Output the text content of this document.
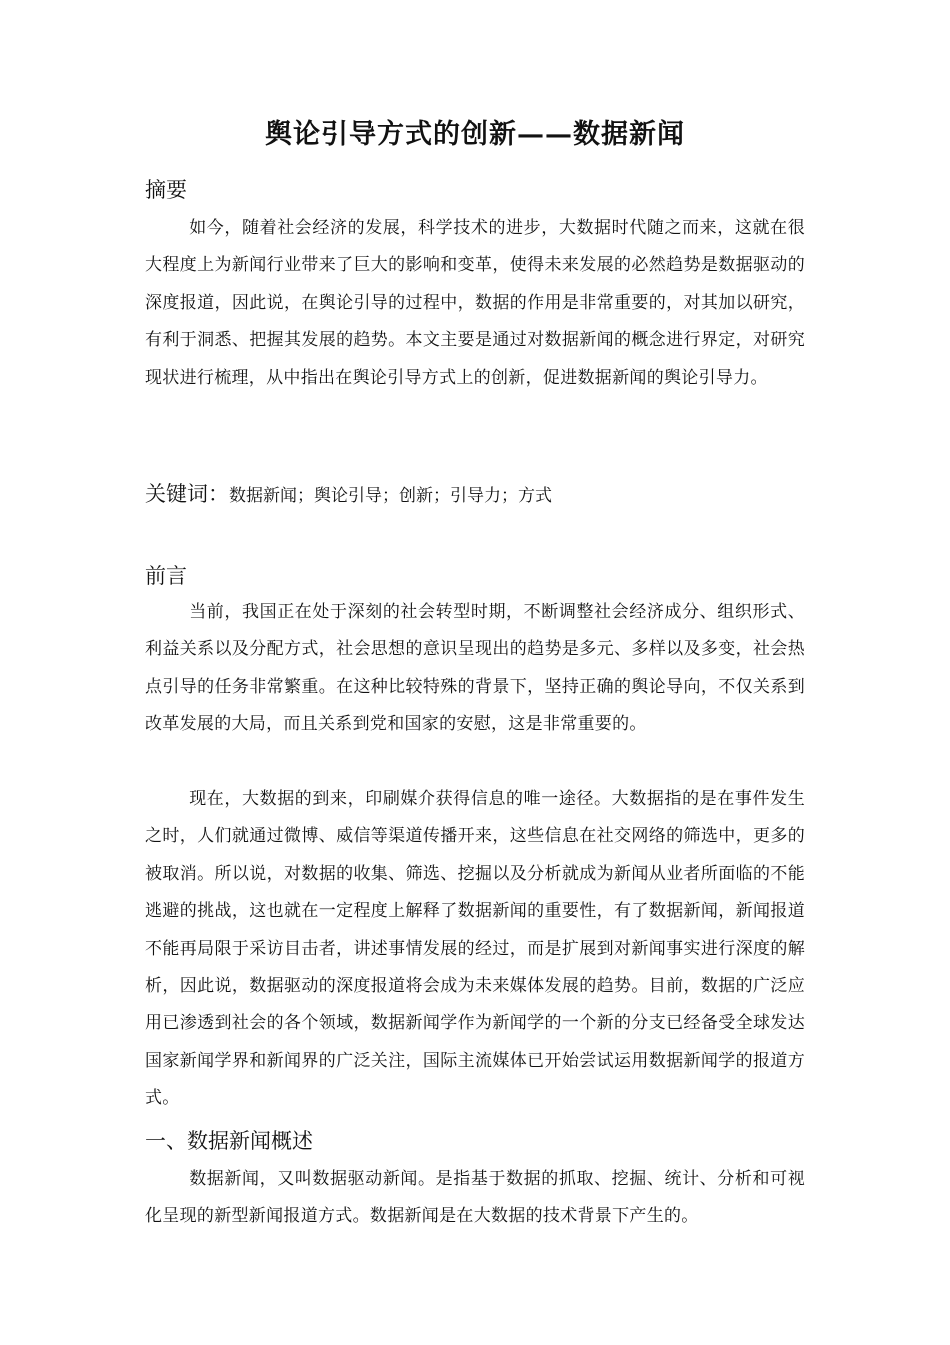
舆论引导方式的创新——数据新闻
摘要

如今，随着社会经济的发展，科学技术的进步，大数据时代随之而来，这就在很大程度上为新闻行业带来了巨大的影响和变革，使得未来发展的必然趋势是数据驱动的深度报道，因此说，在舆论引导的过程中，数据的作用是非常重要的，对其加以研究，有利于洞悉、把握其发展的趋势。本文主要是通过对数据新闻的概念进行界定，对研究现状进行梳理，从中指出在舆论引导方式上的创新，促进数据新闻的舆论引导力。

关键词：数据新闻；舆论引导；创新；引导力；方式

前言

当前，我国正在处于深刻的社会转型时期，不断调整社会经济成分、组织形式、利益关系以及分配方式，社会思想的意识呈现出的趋势是多元、多样以及多变，社会热点引导的任务非常繁重。在这种比较特殊的背景下，坚持正确的舆论导向，不仅关系到改革发展的大局，而且关系到党和国家的安慰，这是非常重要的。

现在，大数据的到来，印刷媒介获得信息的唯一途径。大数据指的是在事件发生之时，人们就通过微博、威信等渠道传播开来，这些信息在社交网络的筛选中，更多的被取消。所以说，对数据的收集、筛选、挖掘以及分析就成为新闻从业者所面临的不能逃避的挑战，这也就在一定程度上解释了数据新闻的重要性，有了数据新闻，新闻报道不能再局限于采访目击者，讲述事情发展的经过，而是扩展到对新闻事实进行深度的解析，因此说，数据驱动的深度报道将会成为未来媒体发展的趋势。目前，数据的广泛应用已渗透到社会的各个领域，数据新闻学作为新闻学的一个新的分支已经备受全球发达国家新闻学界和新闻界的广泛关注，国际主流媒体已开始尝试运用数据新闻学的报道方式。

一、数据新闻概述

数据新闻，又叫数据驱动新闻。是指基于数据的抓取、挖掘、统计、分析和可视化呈现的新型新闻报道方式。数据新闻是在大数据的技术背景下产生的。
